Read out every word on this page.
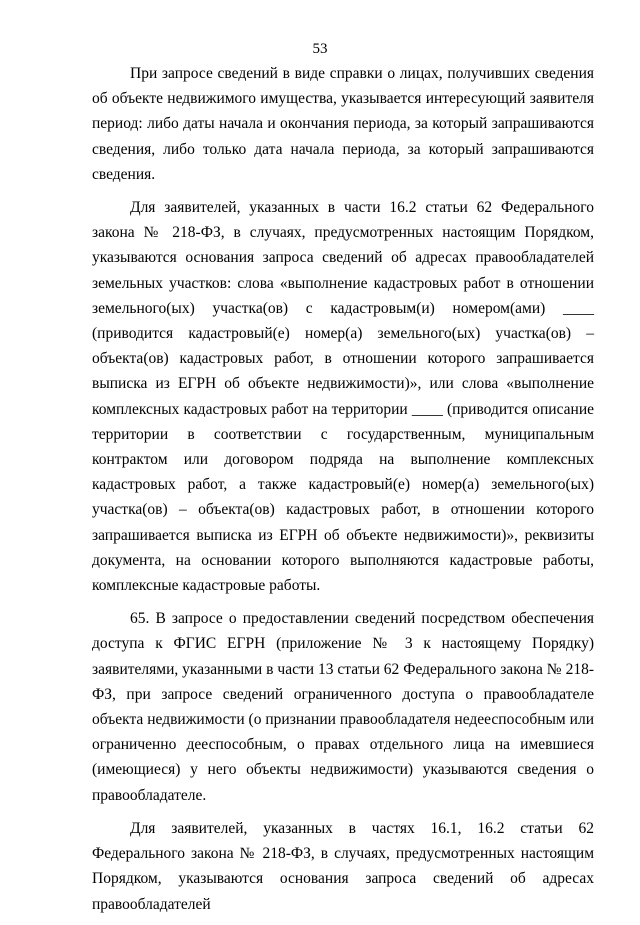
53

При запросе сведений в виде справки о лицах, получивших сведения об объекте недвижимого имущества, указывается интересующий заявителя период: либо даты начала и окончания периода, за который запрашиваются сведения, либо только дата начала периода, за который запрашиваются сведения.

Для заявителей, указанных в части 16.2 статьи 62 Федерального закона № 218-ФЗ, в случаях, предусмотренных настоящим Порядком, указываются основания запроса сведений об адресах правообладателей земельных участков: слова «выполнение кадастровых работ в отношении земельного(ых) участка(ов) с кадастровым(и) номером(ами) ____ (приводится кадастровый(е) номер(а) земельного(ых) участка(ов) – объекта(ов) кадастровых работ, в отношении которого запрашивается выписка из ЕГРН об объекте недвижимости)», или слова «выполнение комплексных кадастровых работ на территории ____ (приводится описание территории в соответствии с государственным, муниципальным контрактом или договором подряда на выполнение комплексных кадастровых работ, а также кадастровый(е) номер(а) земельного(ых) участка(ов) – объекта(ов) кадастровых работ, в отношении которого запрашивается выписка из ЕГРН об объекте недвижимости)», реквизиты документа, на основании которого выполняются кадастровые работы, комплексные кадастровые работы.

65. В запросе о предоставлении сведений посредством обеспечения доступа к ФГИС ЕГРН (приложение № 3 к настоящему Порядку) заявителями, указанными в части 13 статьи 62 Федерального закона № 218-ФЗ, при запросе сведений ограниченного доступа о правообладателе объекта недвижимости (о признании правообладателя недееспособным или ограниченно дееспособным, о правах отдельного лица на имевшиеся (имеющиеся) у него объекты недвижимости) указываются сведения о правообладателе.

Для заявителей, указанных в частях 16.1, 16.2 статьи 62 Федерального закона № 218-ФЗ, в случаях, предусмотренных настоящим Порядком, указываются основания запроса сведений об адресах правообладателей
